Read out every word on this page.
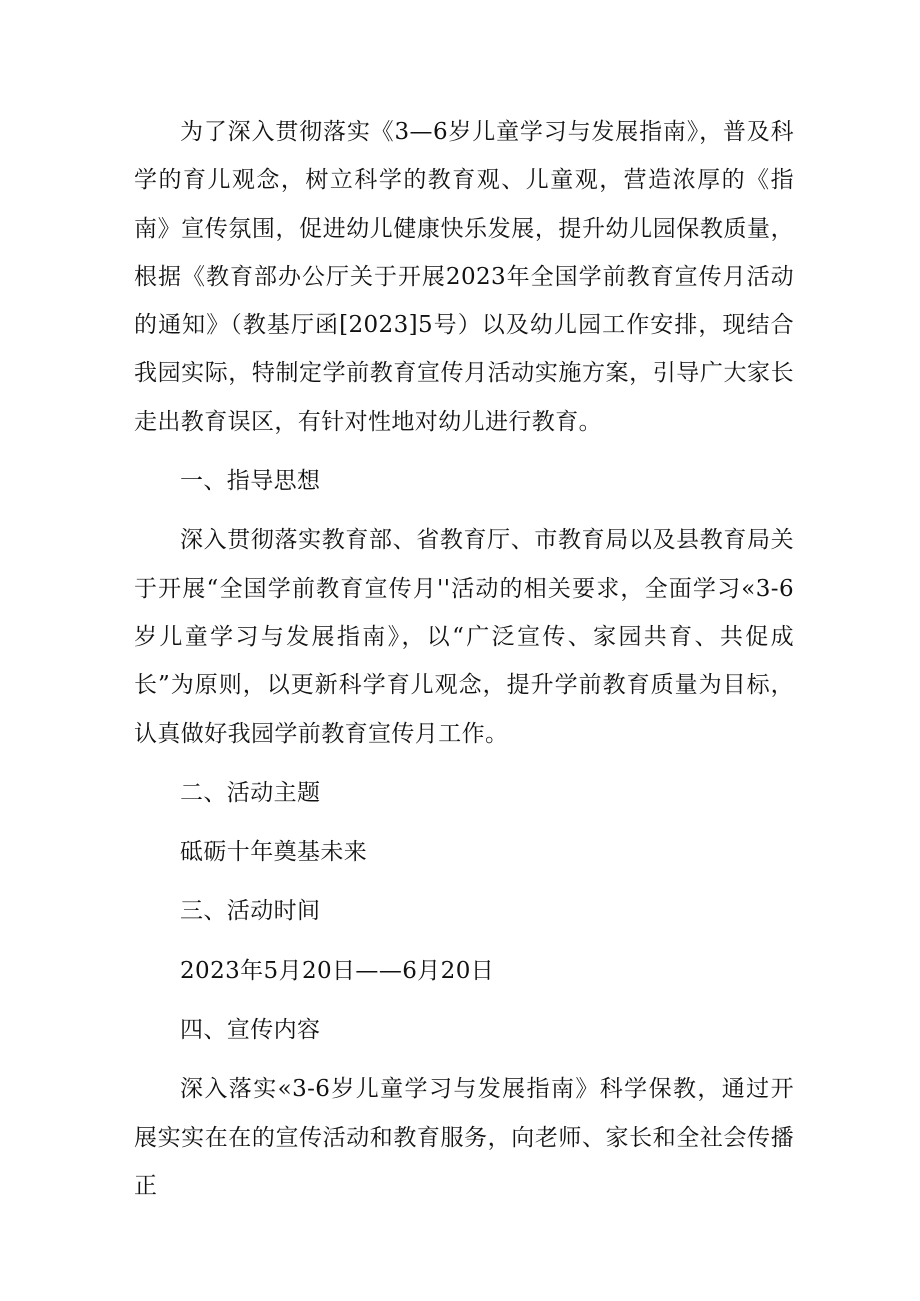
为了深入贯彻落实《3—6岁儿童学习与发展指南》，普及科学的育儿观念，树立科学的教育观、儿童观，营造浓厚的《指南》宣传氛围，促进幼儿健康快乐发展，提升幼儿园保教质量，根据《教育部办公厅关于开展2023年全国学前教育宣传月活动的通知》（教基厅函[2023]5号）以及幼儿园工作安排，现结合我园实际，特制定学前教育宣传月活动实施方案，引导广大家长走出教育误区，有针对性地对幼儿进行教育。

一、指导思想

深入贯彻落实教育部、省教育厅、市教育局以及县教育局关于开展“全国学前教育宣传月''活动的相关要求，全面学习«3-6岁儿童学习与发展指南》，以“广泛宣传、家园共育、共促成长”为原则，以更新科学育儿观念，提升学前教育质量为目标，认真做好我园学前教育宣传月工作。

二、活动主题

砥砺十年奠基未来

三、活动时间

2023年5月20日——6月20日

四、宣传内容

深入落实«3-6岁儿童学习与发展指南》科学保教，通过开展实实在在的宣传活动和教育服务，向老师、家长和全社会传播正
